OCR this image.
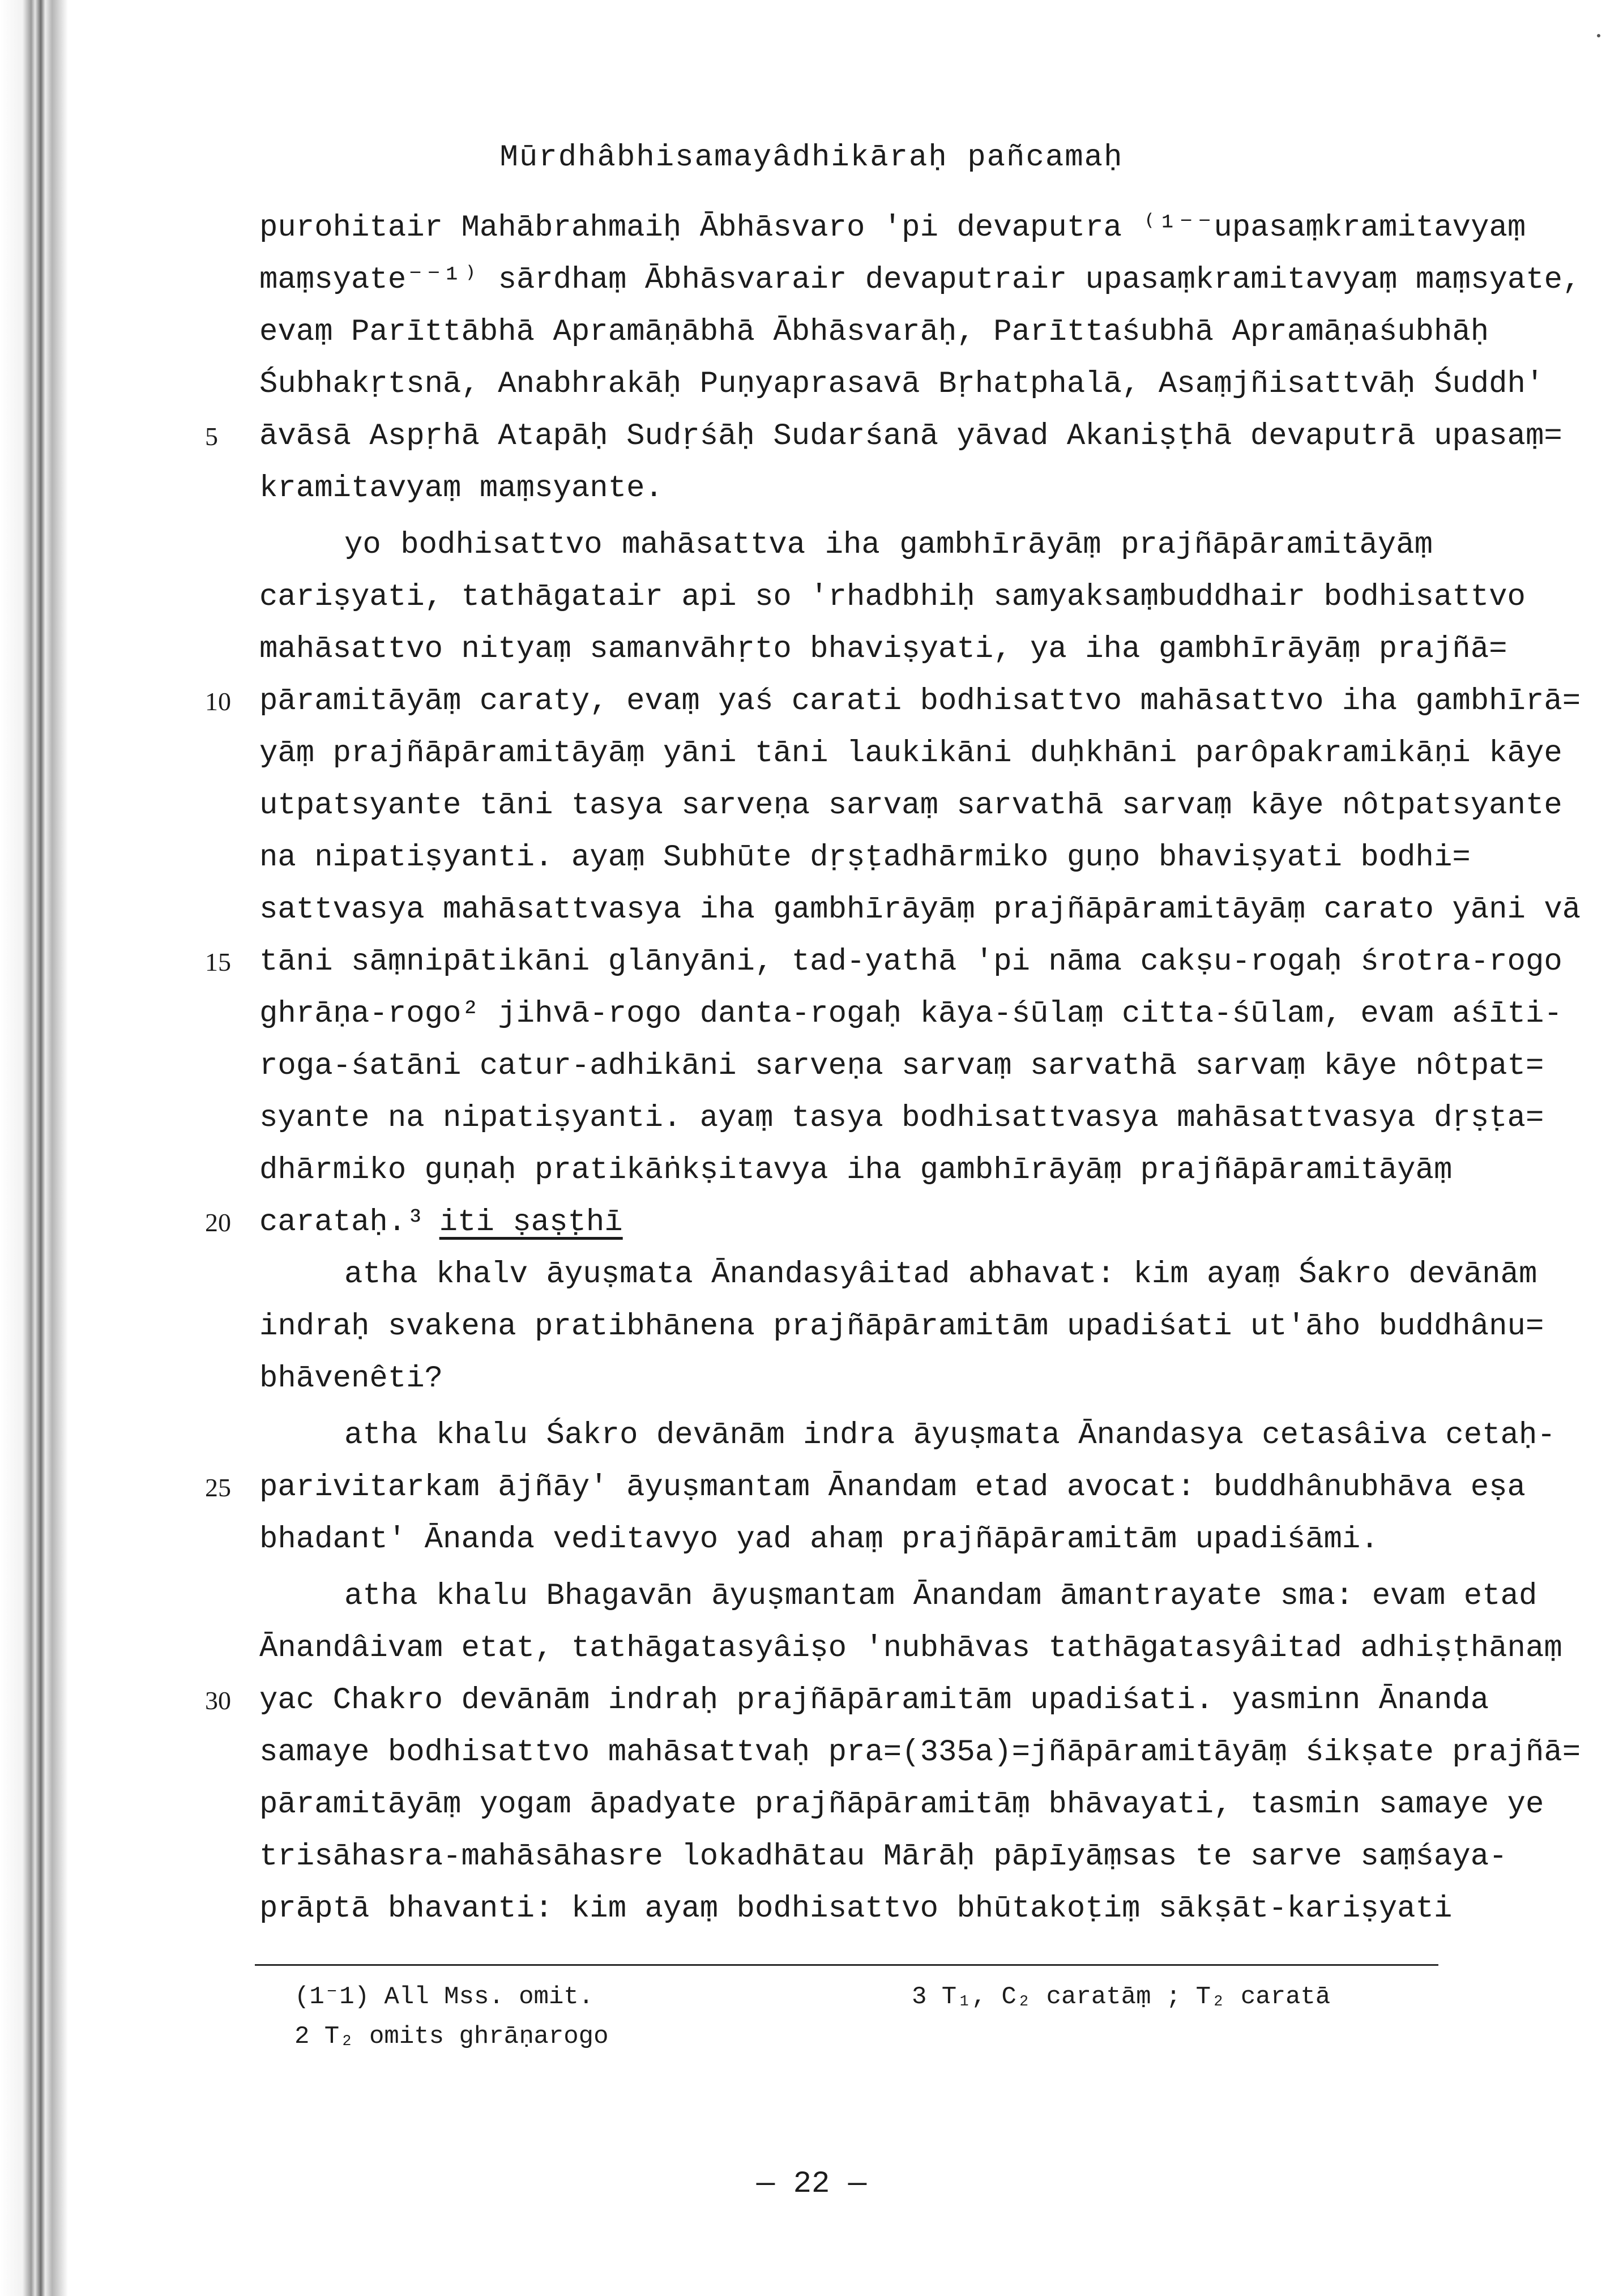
Mūrdhâbhisamayâdhikāraḥ pañcamaḥ
purohitair Mahābrahmaiḥ Ābhāsvaro 'pi devaputra ⁽¹⁻⁻upasaṃkramitavyaṃ
maṃsyate⁻⁻¹⁾ sārdhaṃ Ābhāsvarair devaputrair upasaṃkramitavyaṃ maṃsyate,
evaṃ Parīttābhā Apramāṇābhā Ābhāsvarāḥ, Parīttaśubhā Apramāṇaśubhāḥ
Śubhakṛtsnā, Anabhrakāḥ Puṇyaprasavā Bṛhatphalā, Asaṃjñisattvāḥ Śuddh'
āvāsā Aspṛhā Atapāḥ Sudṛśāḥ Sudarśanā yāvad Akaniṣṭhā devaputrā upasaṃ=
kramitavyaṃ maṃsyante.
yo bodhisattvo mahāsattva iha gambhīrāyāṃ prajñāpāramitāyāṃ
cariṣyati, tathāgatair api so 'rhadbhiḥ samyaksaṃbuddhair bodhisattvo
mahāsattvo nityaṃ samanvāhṛto bhaviṣyati, ya iha gambhīrāyāṃ prajñā=
pāramitāyāṃ caraty, evaṃ yaś carati bodhisattvo mahāsattvo iha gambhīrā=
yāṃ prajñāpāramitāyāṃ yāni tāni laukikāni duḥkhāni parôpakramikāṇi kāye
utpatsyante tāni tasya sarveṇa sarvaṃ sarvathā sarvaṃ kāye nôtpatsyante
na nipatiṣyanti. ayaṃ Subhūte dṛṣṭadhārmiko guṇo bhaviṣyati bodhi=
sattvasya mahāsattvasya iha gambhīrāyāṃ prajñāpāramitāyāṃ carato yāni vā
tāni sāṃnipātikāni glānyāni, tad-yathā 'pi nāma cakṣu-rogaḥ śrotra-rogo
ghrāṇa-rogo² jihvā-rogo danta-rogaḥ kāya-śūlaṃ citta-śūlam, evam aśīti-
roga-śatāni catur-adhikāni sarveṇa sarvaṃ sarvathā sarvaṃ kāye nôtpat=
syante na nipatiṣyanti. ayaṃ tasya bodhisattvasya mahāsattvasya dṛṣṭa=
dhārmiko guṇaḥ pratikāṅkṣitavya iha gambhīrāyāṃ prajñāpāramitāyāṃ
carataḥ.³ iti ṣaṣṭhī
atha khalv āyuṣmata Ānandasyâitad abhavat: kim ayaṃ Śakro devānām
indraḥ svakena pratibhānena prajñāpāramitām upadiśati ut'āho buddhânu=
bhāvenêti?
atha khalu Śakro devānām indra āyuṣmata Ānandasya cetasâiva cetaḥ-
parivitarkam ājñāy' āyuṣmantam Ānandam etad avocat: buddhânubhāva eṣa
bhadant' Ānanda veditavyo yad ahaṃ prajñāpāramitām upadiśāmi.
atha khalu Bhagavān āyuṣmantam Ānandam āmantrayate sma: evam etad
Ānandâivam etat, tathāgatasyâiṣo 'nubhāvas tathāgatasyâitad adhiṣṭhānaṃ
yac Chakro devānām indraḥ prajñāpāramitām upadiśati. yasminn Ānanda
samaye bodhisattvo mahāsattvaḥ pra=(335a)=jñāpāramitāyāṃ śikṣate prajñā=
pāramitāyāṃ yogam āpadyate prajñāpāramitāṃ bhāvayati, tasmin samaye ye
trisāhasra-mahāsāhasre lokadhātau Mārāḥ pāpīyāṃsas te sarve saṃśaya-
prāptā bhavanti: kim ayaṃ bodhisattvo bhūtakoṭiṃ sākṣāt-kariṣyati
5
10
15
20
25
30
(1⁻1) All Mss. omit.
2 T₂ omits ghrāṇarogo
3 T₁, C₂ caratāṃ ; T₂ caratā
— 22 —
